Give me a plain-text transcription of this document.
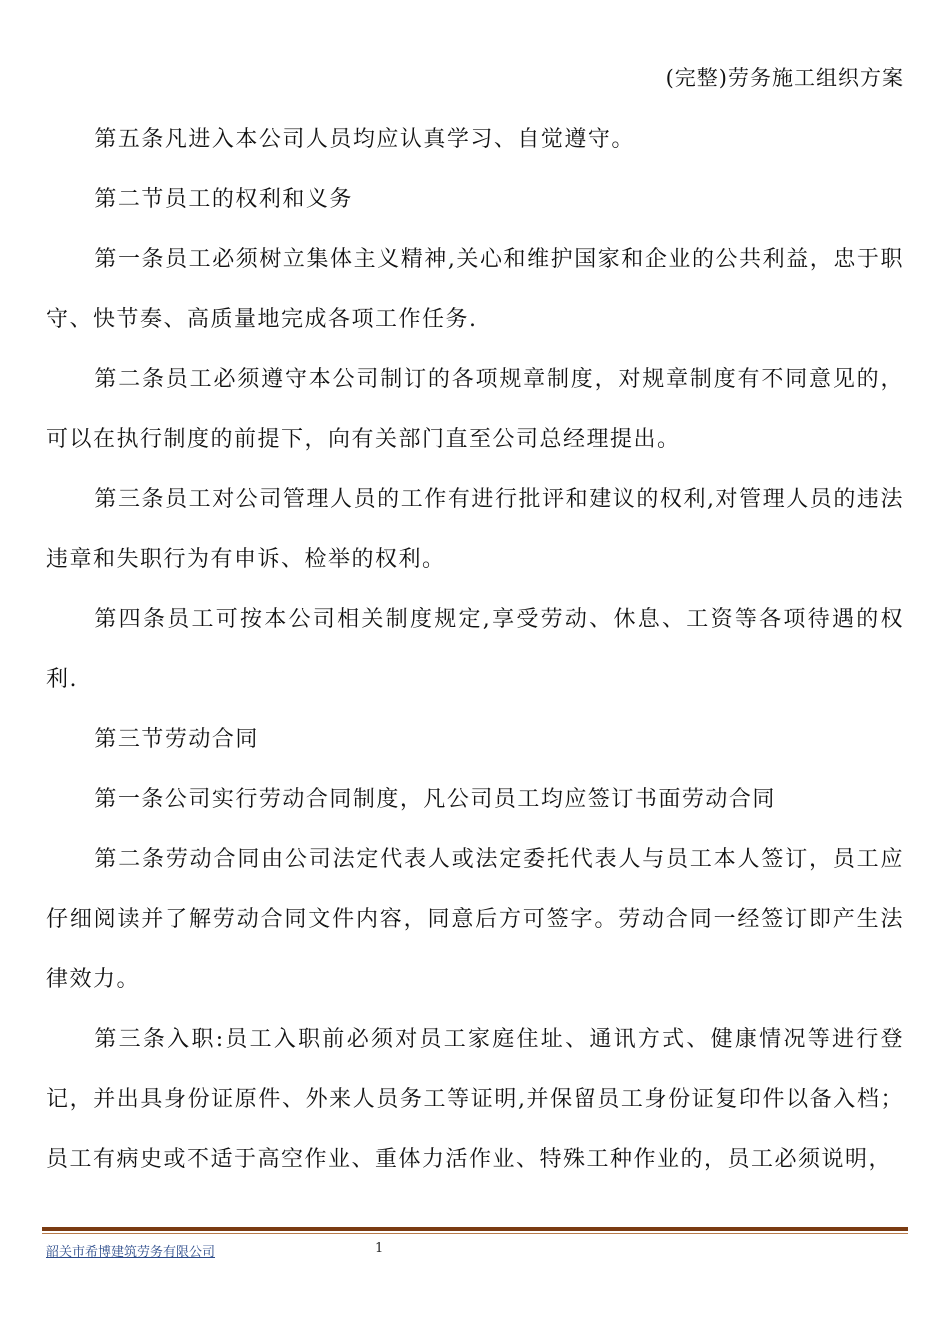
(完整)劳务施工组织方案

第五条凡进入本公司人员均应认真学习、自觉遵守。

第二节员工的权利和义务

第一条员工必须树立集体主义精神,关心和维护国家和企业的公共利益，忠于职守、快节奏、高质量地完成各项工作任务.

第二条员工必须遵守本公司制订的各项规章制度，对规章制度有不同意见的，可以在执行制度的前提下，向有关部门直至公司总经理提出。

第三条员工对公司管理人员的工作有进行批评和建议的权利,对管理人员的违法违章和失职行为有申诉、检举的权利。

第四条员工可按本公司相关制度规定,享受劳动、休息、工资等各项待遇的权利.

第三节劳动合同

第一条公司实行劳动合同制度，凡公司员工均应签订书面劳动合同

第二条劳动合同由公司法定代表人或法定委托代表人与员工本人签订，员工应仔细阅读并了解劳动合同文件内容，同意后方可签字。劳动合同一经签订即产生法律效力。

第三条入职:员工入职前必须对员工家庭住址、通讯方式、健康情况等进行登记，并出具身份证原件、外来人员务工等证明,并保留员工身份证复印件以备入档；员工有病史或不适于高空作业、重体力活作业、特殊工种作业的，员工必须说明，

韶关市希博建筑劳务有限公司	1
